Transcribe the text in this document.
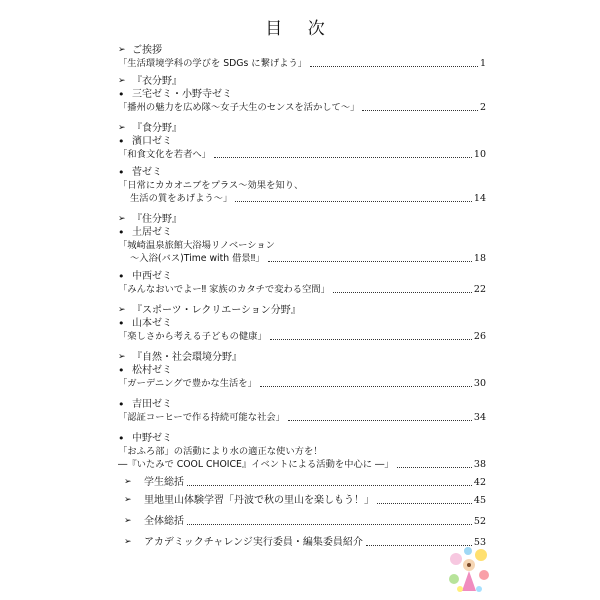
目 次
➢ ご挨拶
「生活環境学科の学びを SDGs に繋げよう」	1
➢ 『衣分野』
• 三宅ゼミ・小野寺ゼミ
「播州の魅力を広め隊〜女子大生のセンスを活かして〜」	2
➢ 『食分野』
• 濱口ゼミ
「和食文化を若者へ」	10
• 菅ゼミ
「日常にカカオニブをプラス〜効果を知り、
生活の質をあげよう〜」	14
➢ 『住分野』
• 土居ゼミ
「城崎温泉旅館大浴場リノベーション
〜入浴(バス)Time with 借景‼」	18
• 中西ゼミ
「みんなおいでよー‼ 家族のカタチで変わる空間」	22
➢ 『スポーツ・レクリエーション分野』
• 山本ゼミ
「楽しさから考える子どもの健康」	26
➢ 『自然・社会環境分野』
• 松村ゼミ
「ガーデニングで豊かな生活を」	30
• 吉田ゼミ
「認証コーヒーで作る持続可能な社会」	34
• 中野ゼミ
「おふろ部」の活動により水の適正な使い方を！
―『いたみで COOL CHOICE』イベントによる活動を中心に ―」	38
➢	学生総括	42
➢	里地里山体験学習「丹波で秋の里山を楽しもう！」	45
➢	全体総括	52
➢	アカデミックチャレンジ実行委員・編集委員紹介	53
